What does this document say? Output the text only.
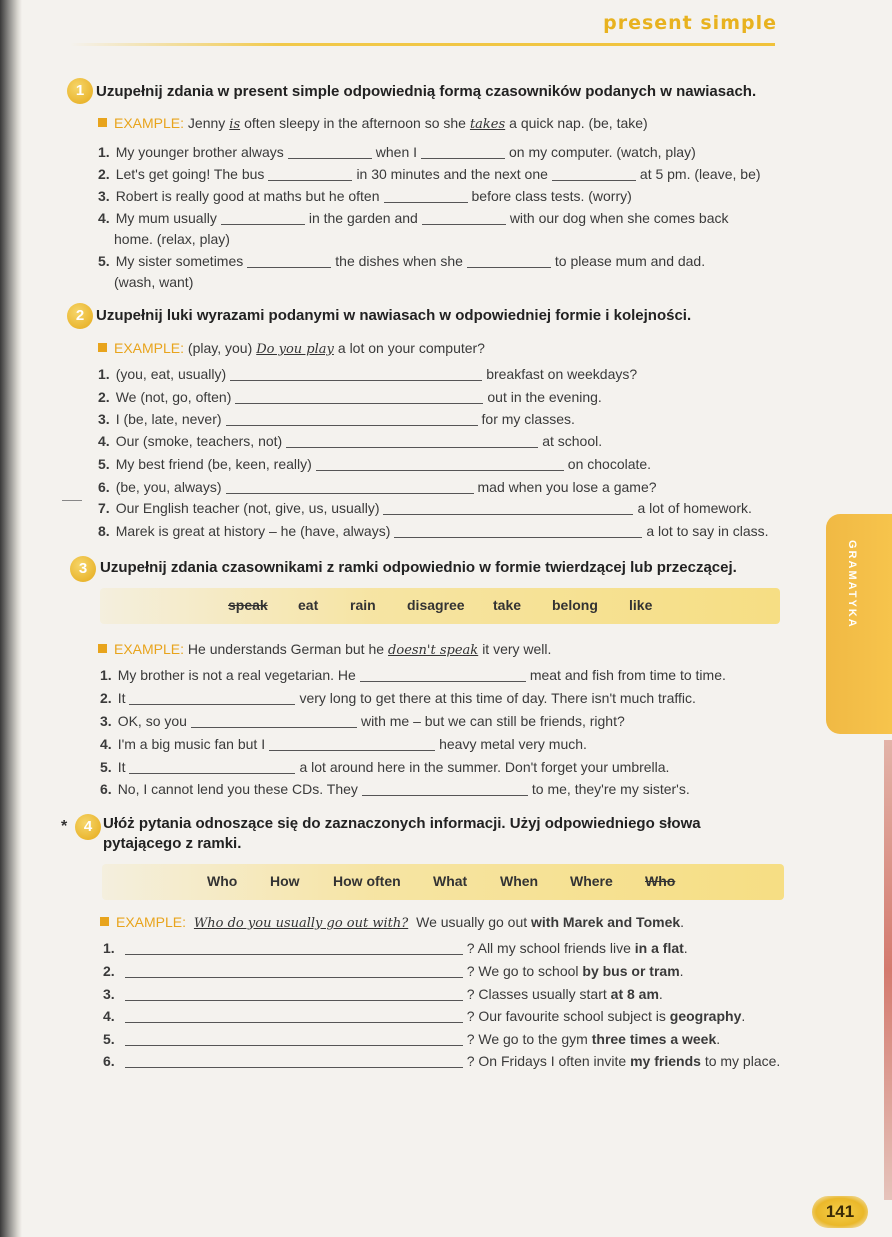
present simple
1 Uzupełnij zdania w present simple odpowiednią formą czasowników podanych w nawiasach.
EXAMPLE: Jenny is often sleepy in the afternoon so she takes a quick nap. (be, take)
1. My younger brother always	when I	on my computer. (watch, play)
2. Let's get going! The bus	in 30 minutes and the next one	at 5 pm. (leave, be)
3. Robert is really good at maths but he often	before class tests. (worry)
4. My mum usually	in the garden and	with our dog when she comes back
home. (relax, play)
5. My sister sometimes	the dishes when she	to please mum and dad.
(wash, want)
2 Uzupełnij luki wyrazami podanymi w nawiasach w odpowiedniej formie i kolejności.
EXAMPLE: (play, you) Do you play a lot on your computer?
1. (you, eat, usually)	breakfast on weekdays?
2. We (not, go, often)	out in the evening.
3. I (be, late, never)	for my classes.
4. Our (smoke, teachers, not)	at school.
5. My best friend (be, keen, really)	on chocolate.
6. (be, you, always)	mad when you lose a game?
7. Our English teacher (not, give, us, usually)	a lot of homework.
8. Marek is great at history – he (have, always)	a lot to say in class.
GRAMATYKA
3 Uzupełnij zdania czasownikami z ramki odpowiednio w formie twierdzącej lub przeczącej.
speak eat rain disagree take belong like
EXAMPLE: He understands German but he doesn't speak it very well.
1. My brother is not a real vegetarian. He	meat and fish from time to time.
2. It	very long to get there at this time of day. There isn't much traffic.
3. OK, so you	with me – but we can still be friends, right?
4. I'm a big music fan but I	heavy metal very much.
5. It	a lot around here in the summer. Don't forget your umbrella.
6. No, I cannot lend you these CDs. They	to me, they're my sister's.
*	4 Ułóż pytania odnoszące się do zaznaczonych informacji. Użyj odpowiedniego słowa
pytającego z ramki.
Who How How often What When Where Who
EXAMPLE: Who do you usually go out with? We usually go out with Marek and Tomek.
1.	? All my school friends live in a flat.
2.	? We go to school by bus or tram.
3.	? Classes usually start at 8 am.
4.	? Our favourite school subject is geography.
5.	? We go to the gym three times a week.
6.	? On Fridays I often invite my friends to my place.
141
